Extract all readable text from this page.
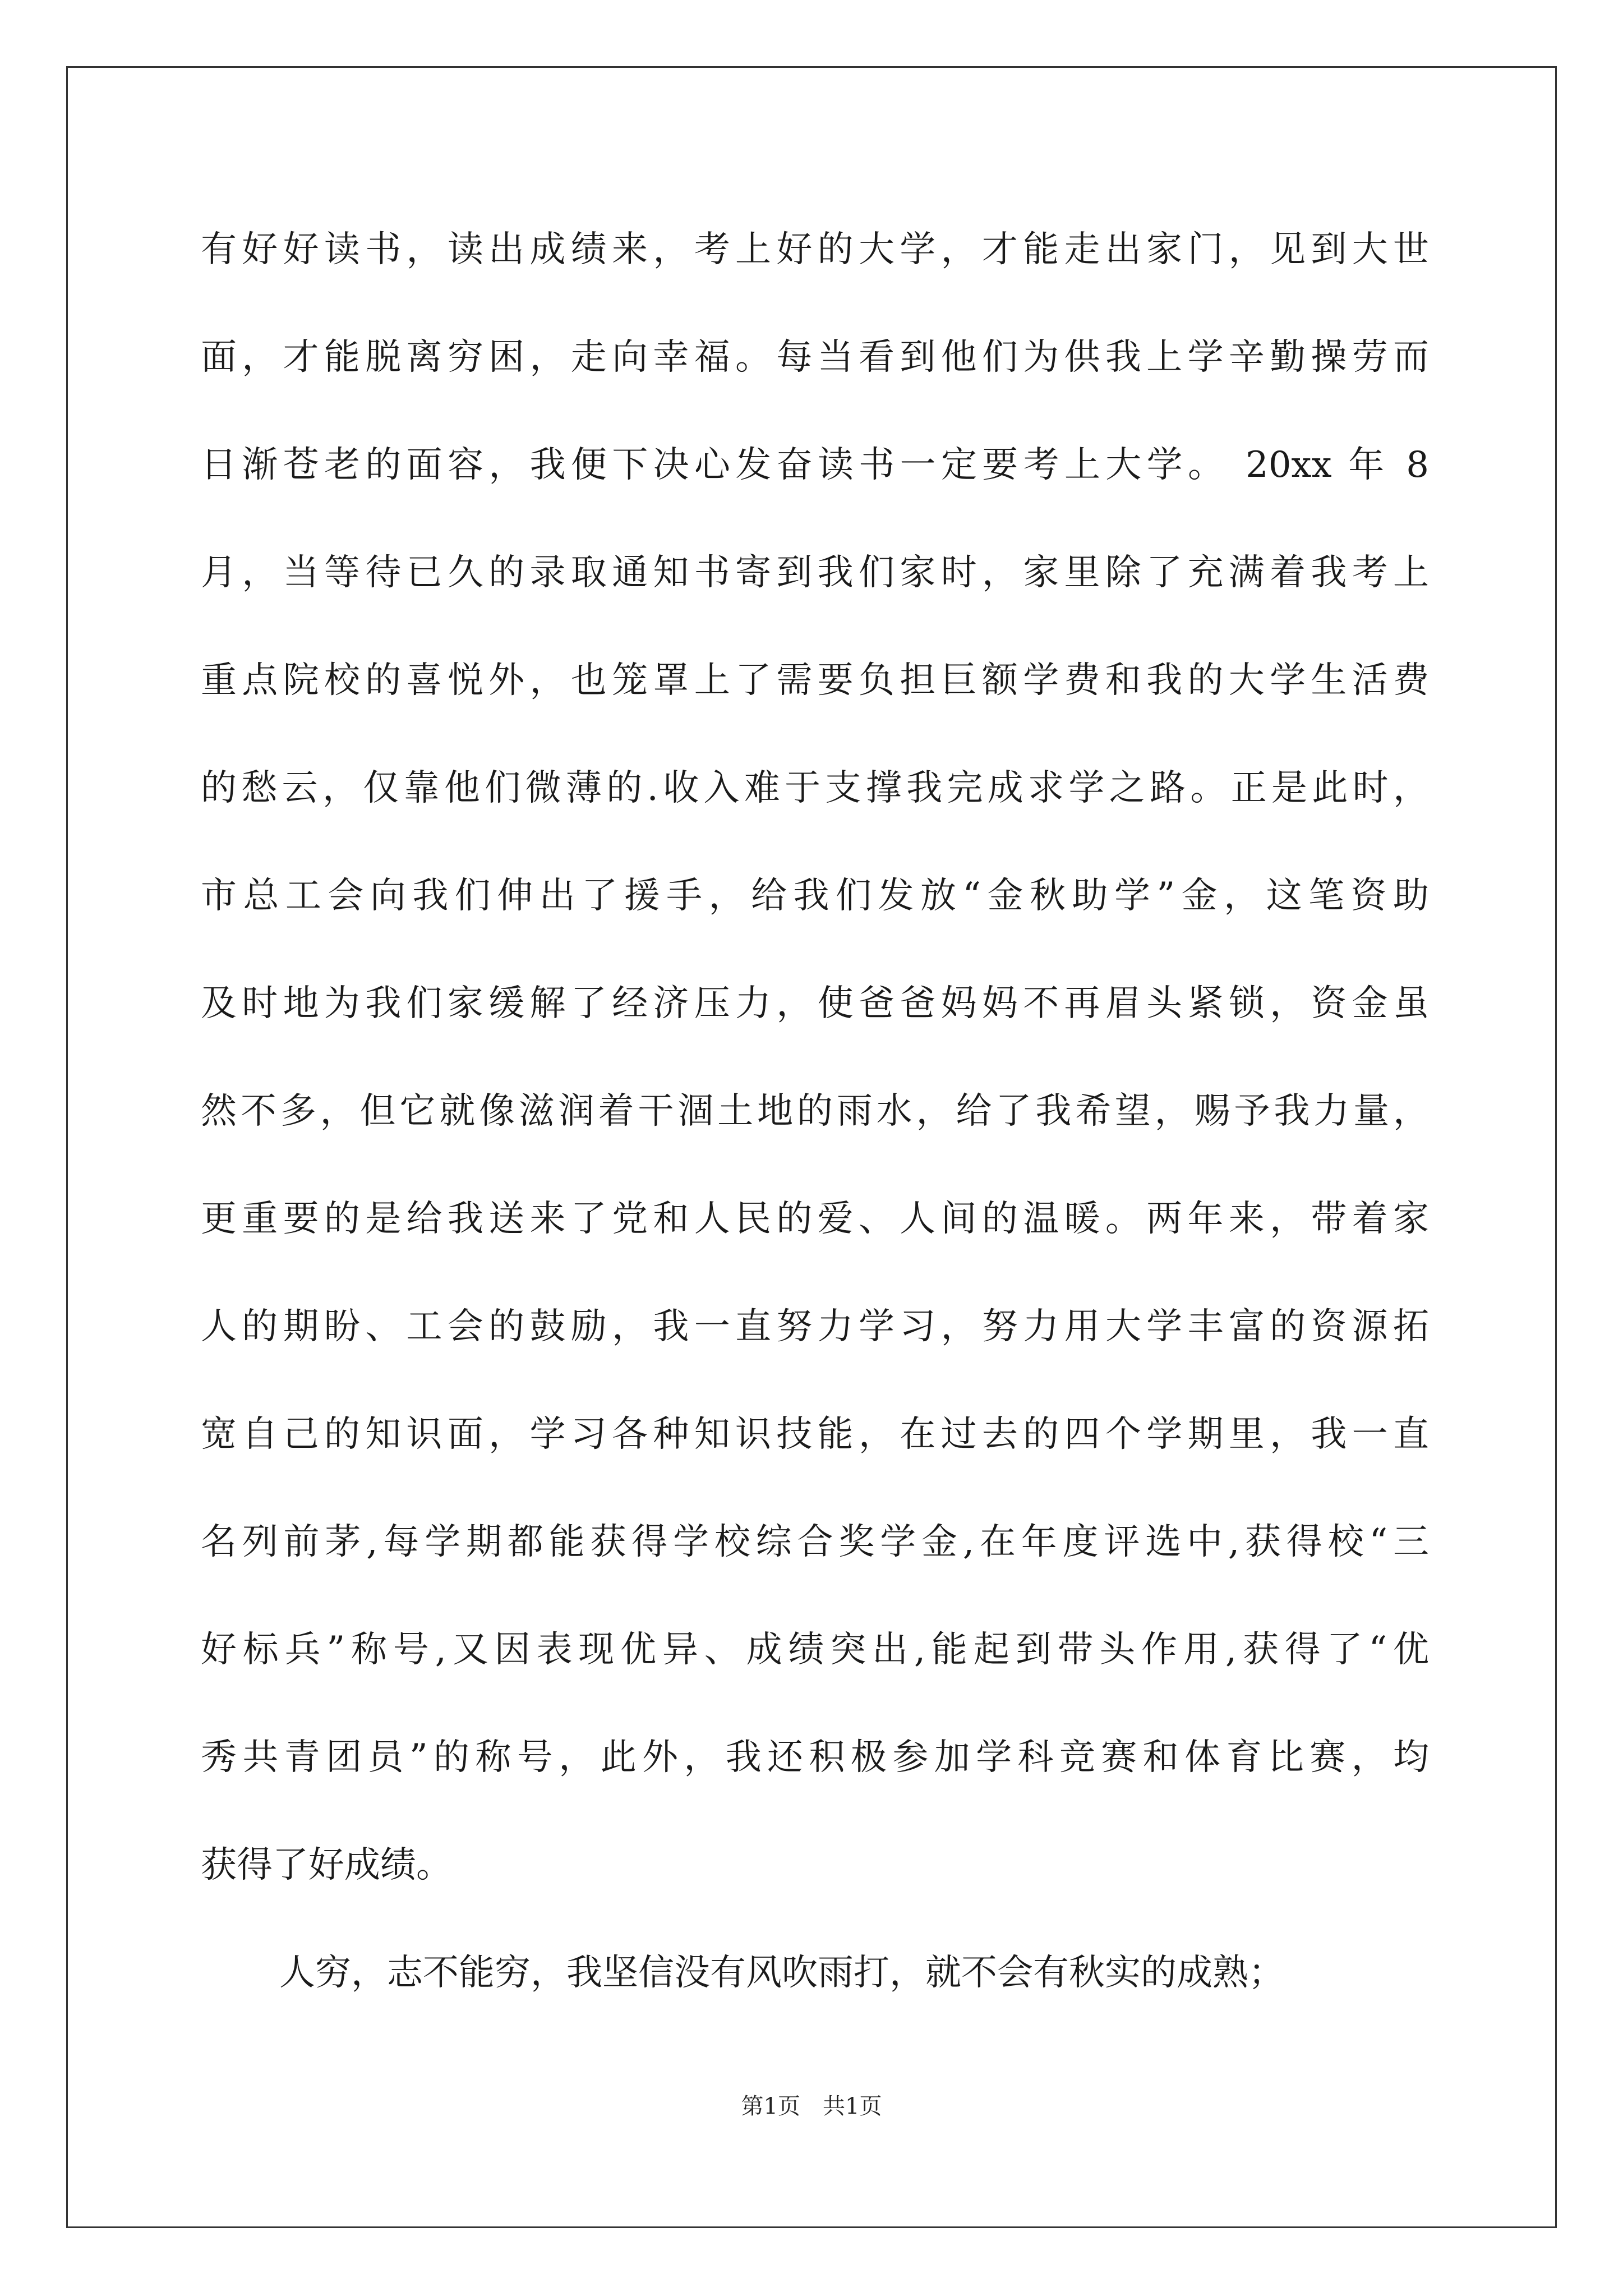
有好好读书，读出成绩来，考上好的大学，才能走出家门，见到大世
面，才能脱离穷困，走向幸福。每当看到他们为供我上学辛勤操劳而
日渐苍老的面容，我便下决心发奋读书一定要考上大学。 20xx 年 8
月，当等待已久的录取通知书寄到我们家时，家里除了充满着我考上
重点院校的喜悦外，也笼罩上了需要负担巨额学费和我的大学生活费
的愁云，仅靠他们微薄的.收入难于支撑我完成求学之路。正是此时，
市总工会向我们伸出了援手，给我们发放“金秋助学”金，这笔资助
及时地为我们家缓解了经济压力，使爸爸妈妈不再眉头紧锁，资金虽
然不多，但它就像滋润着干涸土地的雨水，给了我希望，赐予我力量，
更重要的是给我送来了党和人民的爱、人间的温暖。两年来，带着家
人的期盼、工会的鼓励，我一直努力学习，努力用大学丰富的资源拓
宽自己的知识面，学习各种知识技能，在过去的四个学期里，我一直
名列前茅,每学期都能获得学校综合奖学金,在年度评选中,获得校“三
好标兵”称号,又因表现优异、成绩突出,能起到带头作用,获得了“优
秀共青团员”的称号，此外，我还积极参加学科竞赛和体育比赛，均
获得了好成绩。
人穷，志不能穷，我坚信没有风吹雨打，就不会有秋实的成熟；
第1页 共1页
